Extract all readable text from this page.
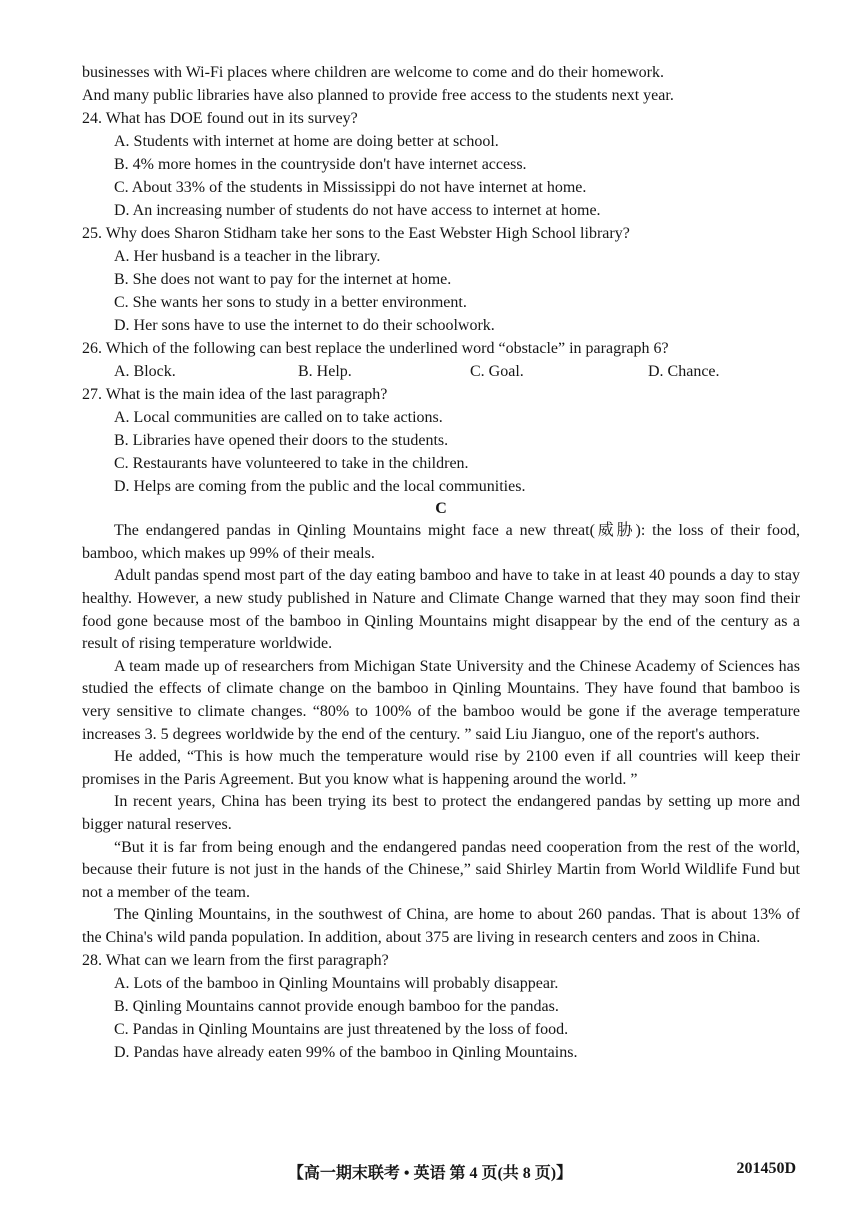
businesses with Wi-Fi places where children are welcome to come and do their homework.
And many public libraries have also planned to provide free access to the students next year.
24. What has DOE found out in its survey?
A. Students with internet at home are doing better at school.
B. 4% more homes in the countryside don't have internet access.
C. About 33% of the students in Mississippi do not have internet at home.
D. An increasing number of students do not have access to internet at home.
25. Why does Sharon Stidham take her sons to the East Webster High School library?
A. Her husband is a teacher in the library.
B. She does not want to pay for the internet at home.
C. She wants her sons to study in a better environment.
D. Her sons have to use the internet to do their schoolwork.
26. Which of the following can best replace the underlined word “obstacle” in paragraph 6?
A. Block.	B. Help.	C. Goal.	D. Chance.
27. What is the main idea of the last paragraph?
A. Local communities are called on to take actions.
B. Libraries have opened their doors to the students.
C. Restaurants have volunteered to take in the children.
D. Helps are coming from the public and the local communities.
C

The endangered pandas in Qinling Mountains might face a new threat(威胁): the loss of their food, bamboo, which makes up 99% of their meals.

Adult pandas spend most part of the day eating bamboo and have to take in at least 40 pounds a day to stay healthy. However, a new study published in Nature and Climate Change warned that they may soon find their food gone because most of the bamboo in Qinling Mountains might disappear by the end of the century as a result of rising temperature worldwide.

A team made up of researchers from Michigan State University and the Chinese Academy of Sciences has studied the effects of climate change on the bamboo in Qinling Mountains. They have found that bamboo is very sensitive to climate changes. “80% to 100% of the bamboo would be gone if the average temperature increases 3. 5 degrees worldwide by the end of the century. ” said Liu Jianguo, one of the report's authors.

He added, “This is how much the temperature would rise by 2100 even if all countries will keep their promises in the Paris Agreement. But you know what is happening around the world. ”

In recent years, China has been trying its best to protect the endangered pandas by setting up more and bigger natural reserves.

“But it is far from being enough and the endangered pandas need cooperation from the rest of the world, because their future is not just in the hands of the Chinese,” said Shirley Martin from World Wildlife Fund but not a member of the team.

The Qinling Mountains, in the southwest of China, are home to about 260 pandas. That is about 13% of the China's wild panda population. In addition, about 375 are living in research centers and zoos in China.

28. What can we learn from the first paragraph?
A. Lots of the bamboo in Qinling Mountains will probably disappear.
B. Qinling Mountains cannot provide enough bamboo for the pandas.
C. Pandas in Qinling Mountains are just threatened by the loss of food.
D. Pandas have already eaten 99% of the bamboo in Qinling Mountains.
【高一期末联考 • 英语 第 4 页(共 8 页)】	201450D
